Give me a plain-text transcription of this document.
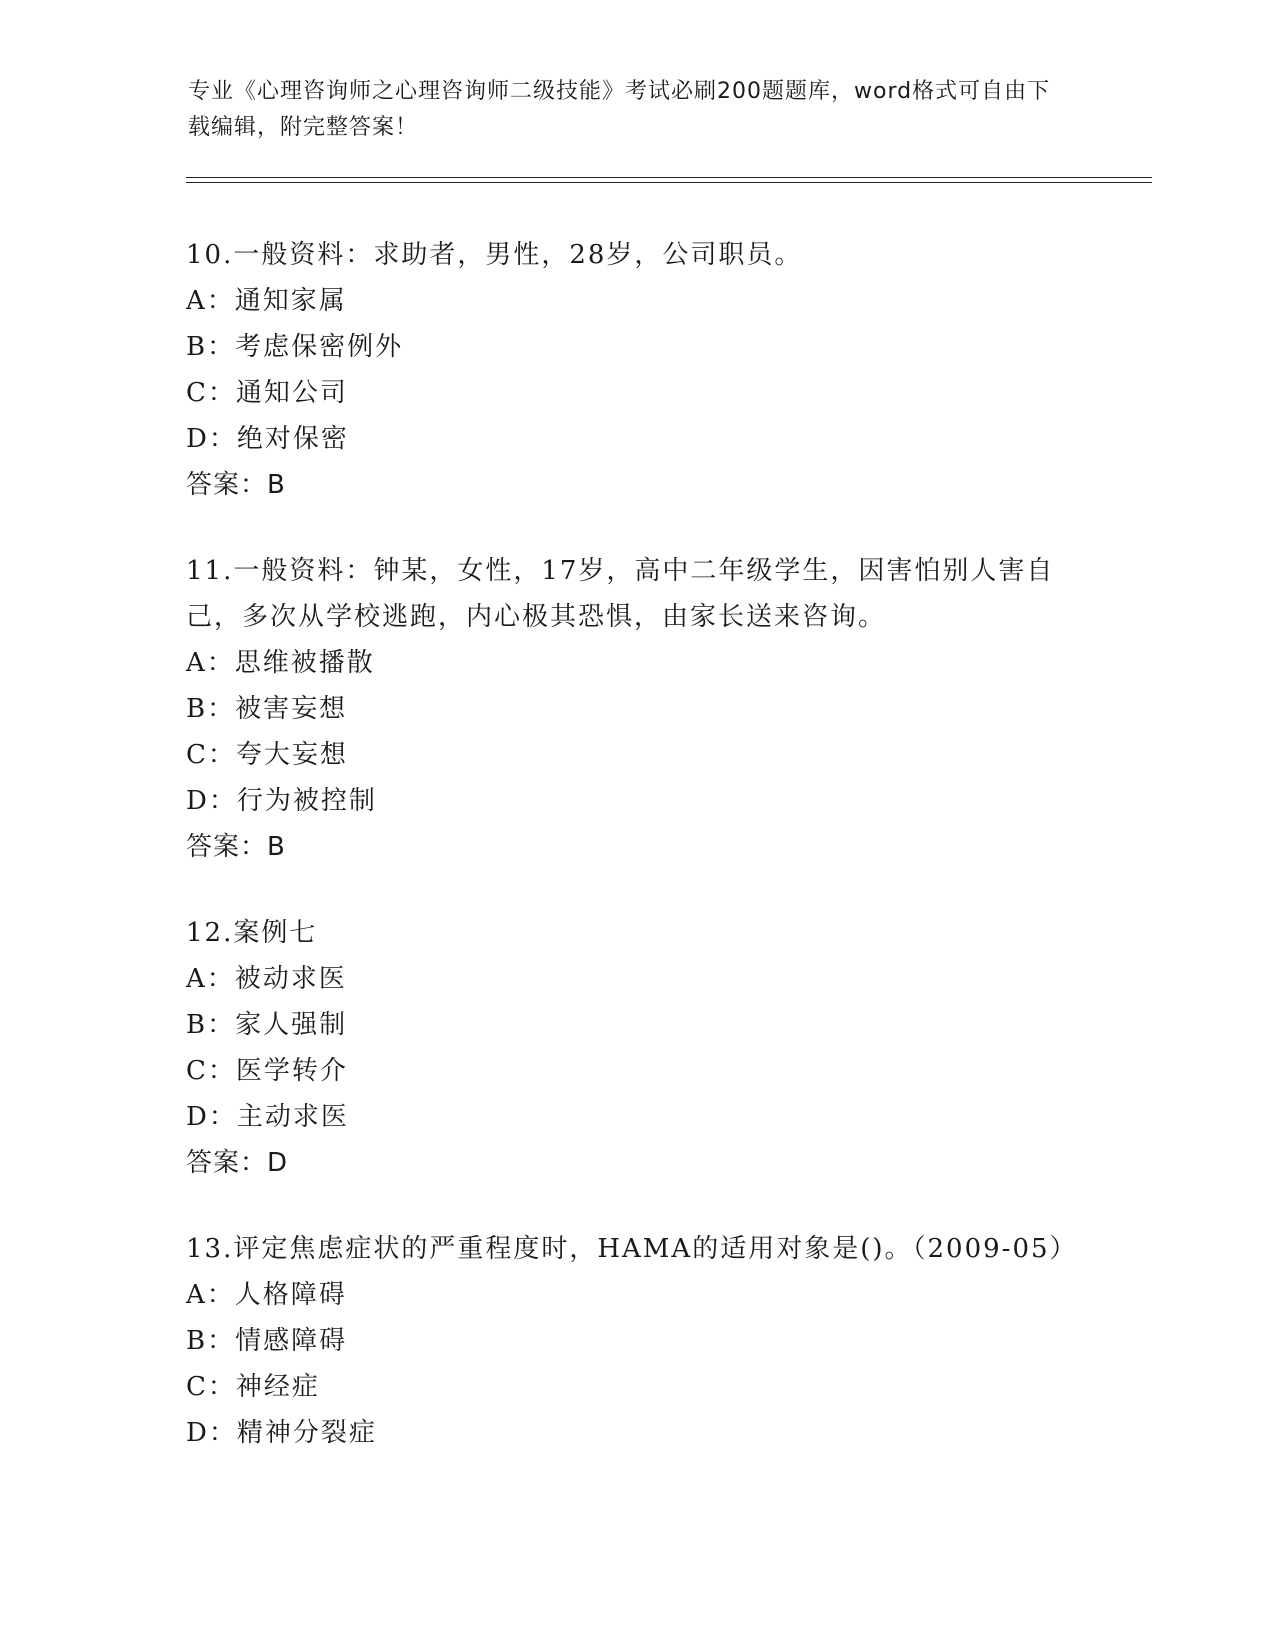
专业《心理咨询师之心理咨询师二级技能》考试必刷200题题库，word格式可自由下载编辑，附完整答案！

10.一般资料：求助者，男性，28岁，公司职员。

A：通知家属

B：考虑保密例外

C：通知公司

D：绝对保密

答案：B

11.一般资料：钟某，女性，17岁，高中二年级学生，因害怕别人害自己，多次从学校逃跑，内心极其恐惧，由家长送来咨询。

A：思维被播散

B：被害妄想

C：夸大妄想

D：行为被控制

答案：B

12.案例七

A：被动求医

B：家人强制

C：医学转介

D：主动求医

答案：D

13.评定焦虑症状的严重程度时，HAMA的适用对象是()。（2009-05）

A：人格障碍

B：情感障碍

C：神经症

D：精神分裂症
